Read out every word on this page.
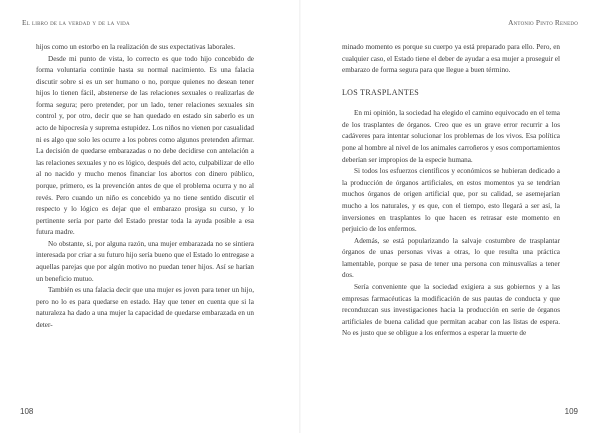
El libro de la verdad y de la vida

hijos como un estorbo en la realización de sus expectativas laborales.

Desde mi punto de vista, lo correcto es que todo hijo concebido de forma voluntaria continúe hasta su normal nacimiento. Es una falacia discutir sobre si es un ser humano o no, porque quienes no desean tener hijos lo tienen fácil, abstenerse de las relaciones sexuales o realizarlas de forma segura; pero pretender, por un lado, tener relaciones sexuales sin control y, por otro, decir que se han quedado en estado sin saberlo es un acto de hipocresía y suprema estupidez. Los niños no vienen por casualidad ni es algo que solo les ocurre a los pobres como algunos pretenden afirmar. La decisión de quedarse embarazadas o no debe decidirse con antelación a las relaciones sexuales y no es lógico, después del acto, culpabilizar de ello al no nacido y mucho menos financiar los abortos con dinero público, porque, primero, es la prevención antes de que el problema ocurra y no al revés. Pero cuando un niño es concebido ya no tiene sentido discutir el respecto y lo lógico es dejar que el embarazo prosiga su curso, y lo pertinente sería por parte del Estado prestar toda la ayuda posible a esa futura madre.

No obstante, si, por alguna razón, una mujer embarazada no se sintiera interesada por criar a su futuro hijo sería bueno que el Estado lo entregase a aquellas parejas que por algún motivo no puedan tener hijos. Así se harían un beneficio mutuo.

También es una falacia decir que una mujer es joven para tener un hijo, pero no lo es para quedarse en estado. Hay que tener en cuenta que si la naturaleza ha dado a una mujer la capacidad de quedarse embarazada en un deter-

108
Antonio Pinto Renedo

minado momento es porque su cuerpo ya está preparado para ello. Pero, en cualquier caso, el Estado tiene el deber de ayudar a esa mujer a proseguir el embarazo de forma segura para que llegue a buen término.

LOS TRASPLANTES

En mi opinión, la sociedad ha elegido el camino equivocado en el tema de los trasplantes de órganos. Creo que es un grave error recurrir a los cadáveres para intentar solucionar los problemas de los vivos. Esa política pone al hombre al nivel de los animales carroñeros y esos comportamientos deberían ser impropios de la especie humana.

Si todos los esfuerzos científicos y económicos se hubieran dedicado a la producción de órganos artificiales, en estos momentos ya se tendrían muchos órganos de origen artificial que, por su calidad, se asemejarían mucho a los naturales, y es que, con el tiempo, esto llegará a ser así, la inversiones en trasplantes lo que hacen es retrasar este momento en perjuicio de los enfermos.

Además, se está popularizando la salvaje costumbre de trasplantar órganos de unas personas vivas a otras, lo que resulta una práctica lamentable, porque se pasa de tener una persona con minusvalías a tener dos.

Sería conveniente que la sociedad exigiera a sus gobiernos y a las empresas farmacéuticas la modificación de sus pautas de conducta y que reconduzcan sus investigaciones hacia la producción en serie de órganos artificiales de buena calidad que permitan acabar con las listas de espera. No es justo que se obligue a los enfermos a esperar la muerte de

109
